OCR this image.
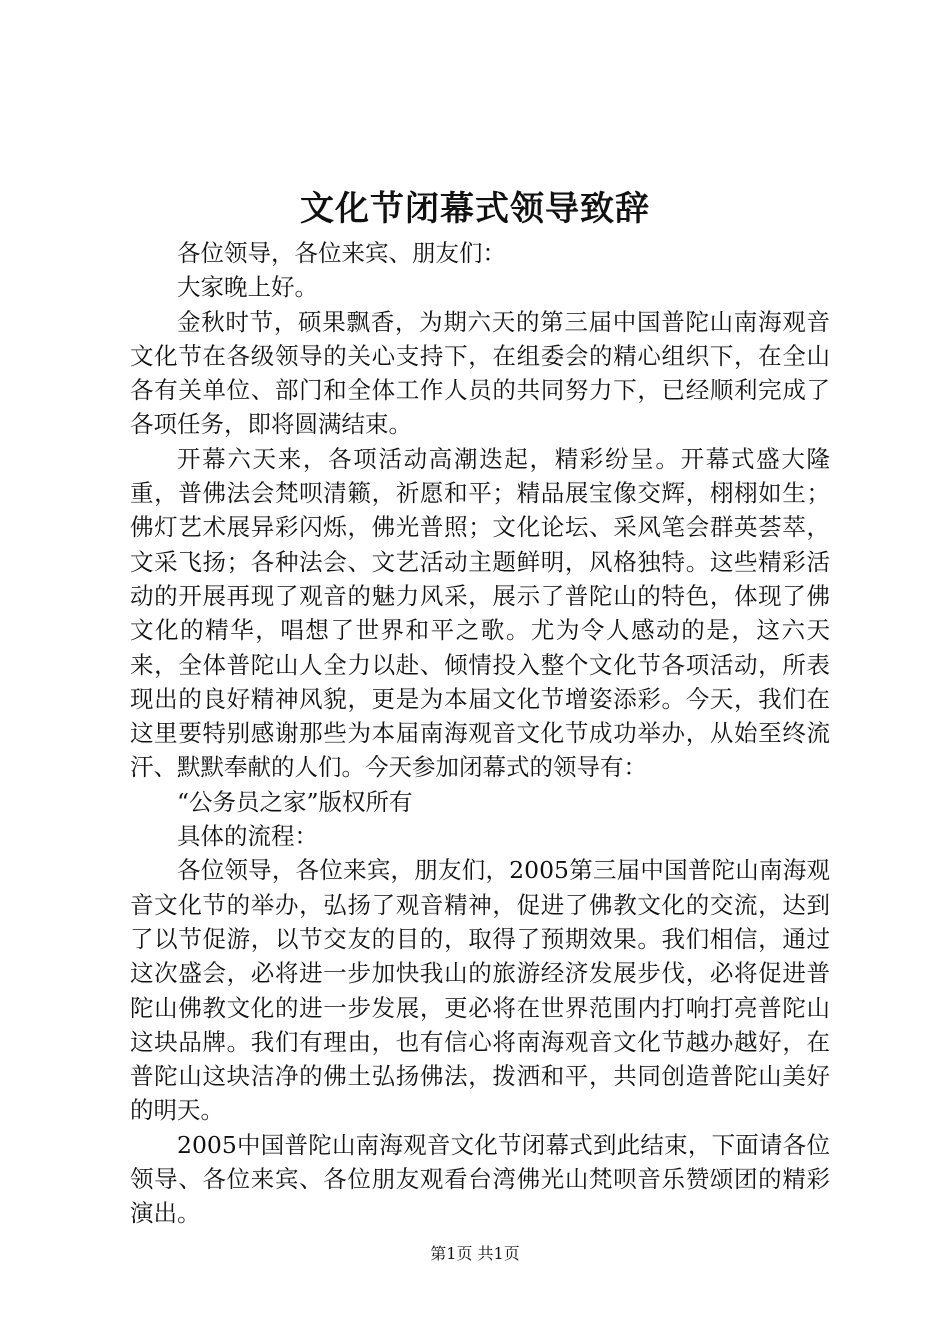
文化节闭幕式领导致辞

各位领导，各位来宾、朋友们：

大家晚上好。

金秋时节，硕果飘香，为期六天的第三届中国普陀山南海观音文化节在各级领导的关心支持下，在组委会的精心组织下，在全山各有关单位、部门和全体工作人员的共同努力下，已经顺利完成了各项任务，即将圆满结束。

开幕六天来，各项活动高潮迭起，精彩纷呈。开幕式盛大隆重，普佛法会梵呗清籁，祈愿和平；精品展宝像交辉，栩栩如生；佛灯艺术展异彩闪烁，佛光普照；文化论坛、采风笔会群英荟萃，文采飞扬；各种法会、文艺活动主题鲜明，风格独特。这些精彩活动的开展再现了观音的魅力风采，展示了普陀山的特色，体现了佛文化的精华，唱想了世界和平之歌。尤为令人感动的是，这六天来，全体普陀山人全力以赴、倾情投入整个文化节各项活动，所表现出的良好精神风貌，更是为本届文化节增姿添彩。今天，我们在这里要特别感谢那些为本届南海观音文化节成功举办，从始至终流汗、默默奉献的人们。今天参加闭幕式的领导有：

“公务员之家”版权所有

具体的流程：

各位领导，各位来宾，朋友们，2005第三届中国普陀山南海观音文化节的举办，弘扬了观音精神，促进了佛教文化的交流，达到了以节促游，以节交友的目的，取得了预期效果。我们相信，通过这次盛会，必将进一步加快我山的旅游经济发展步伐，必将促进普陀山佛教文化的进一步发展，更必将在世界范围内打响打亮普陀山这块品牌。我们有理由，也有信心将南海观音文化节越办越好，在普陀山这块洁净的佛土弘扬佛法，拨洒和平，共同创造普陀山美好的明天。

2005中国普陀山南海观音文化节闭幕式到此结束，下面请各位领导、各位来宾、各位朋友观看台湾佛光山梵呗音乐赞颂团的精彩演出。

第1页 共1页
